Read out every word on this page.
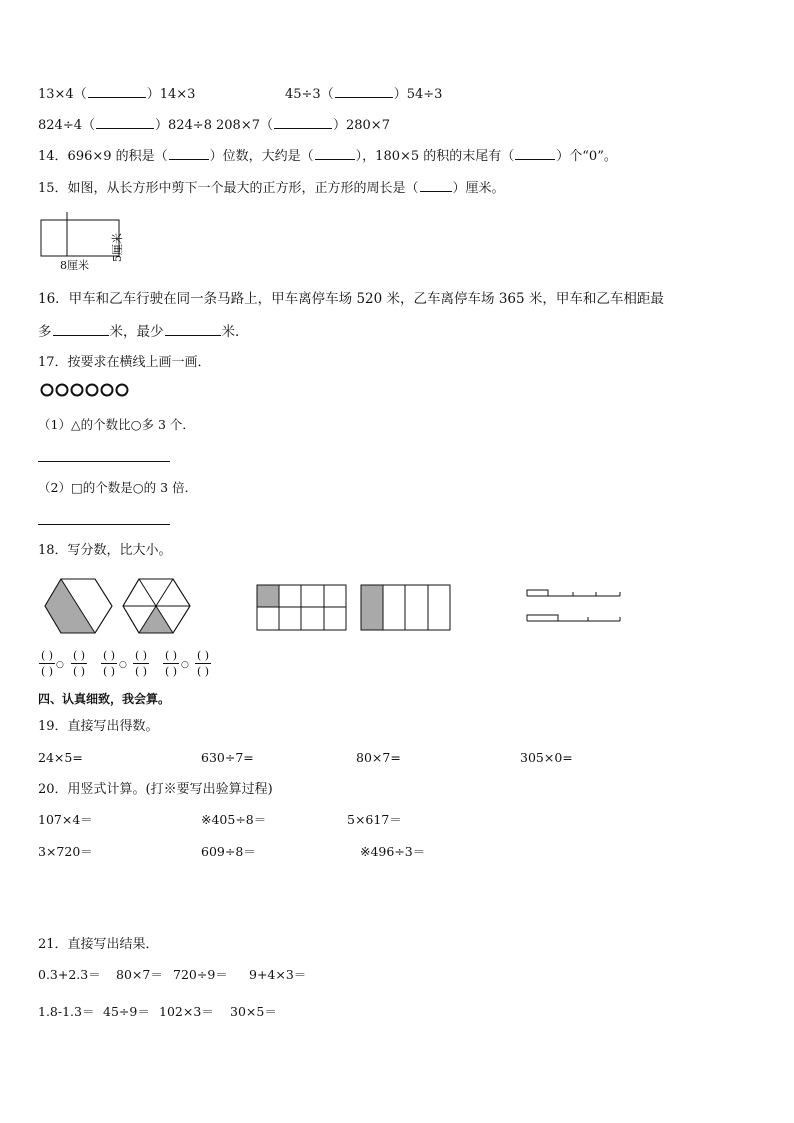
13×4（	）14×3	45÷3（	）54÷3
824÷4（	）824÷8 208×7（	）280×7
14．696×9 的积是（	）位数，大约是（	），180×5 的积的末尾有（	）个“0”。
15．如图，从长方形中剪下一个最大的正方形，正方形的周长是（	）厘米。
8厘米
5厘米
16．甲车和乙车行驶在同一条马路上，甲车离停车场 520 米，乙车离停车场 365 米，甲车和乙车相距最
多	米，最少	米．
17．按要求在横线上画一画．
（1）△的个数比○多 3 个．
（2）□的个数是○的 3 倍．
18．写分数，比大小。
( )
( ) ○
( )
( )
( )
( ) ○
( )
( )
( )
( ) ○
( )
( )
四、认真细致，我会算。
19．直接写出得数。
24×5=	630÷7=	80×7=	305×0=
20．用竖式计算。(打※要写出验算过程)
107×4＝	※405÷8＝	5×617＝
3×720＝	609÷8＝	※496÷3＝
21．直接写出结果．
0.3+2.3＝ 80×7＝ 720÷9＝ 9+4×3＝
1.8-1.3＝ 45÷9＝ 102×3＝ 30×5＝
